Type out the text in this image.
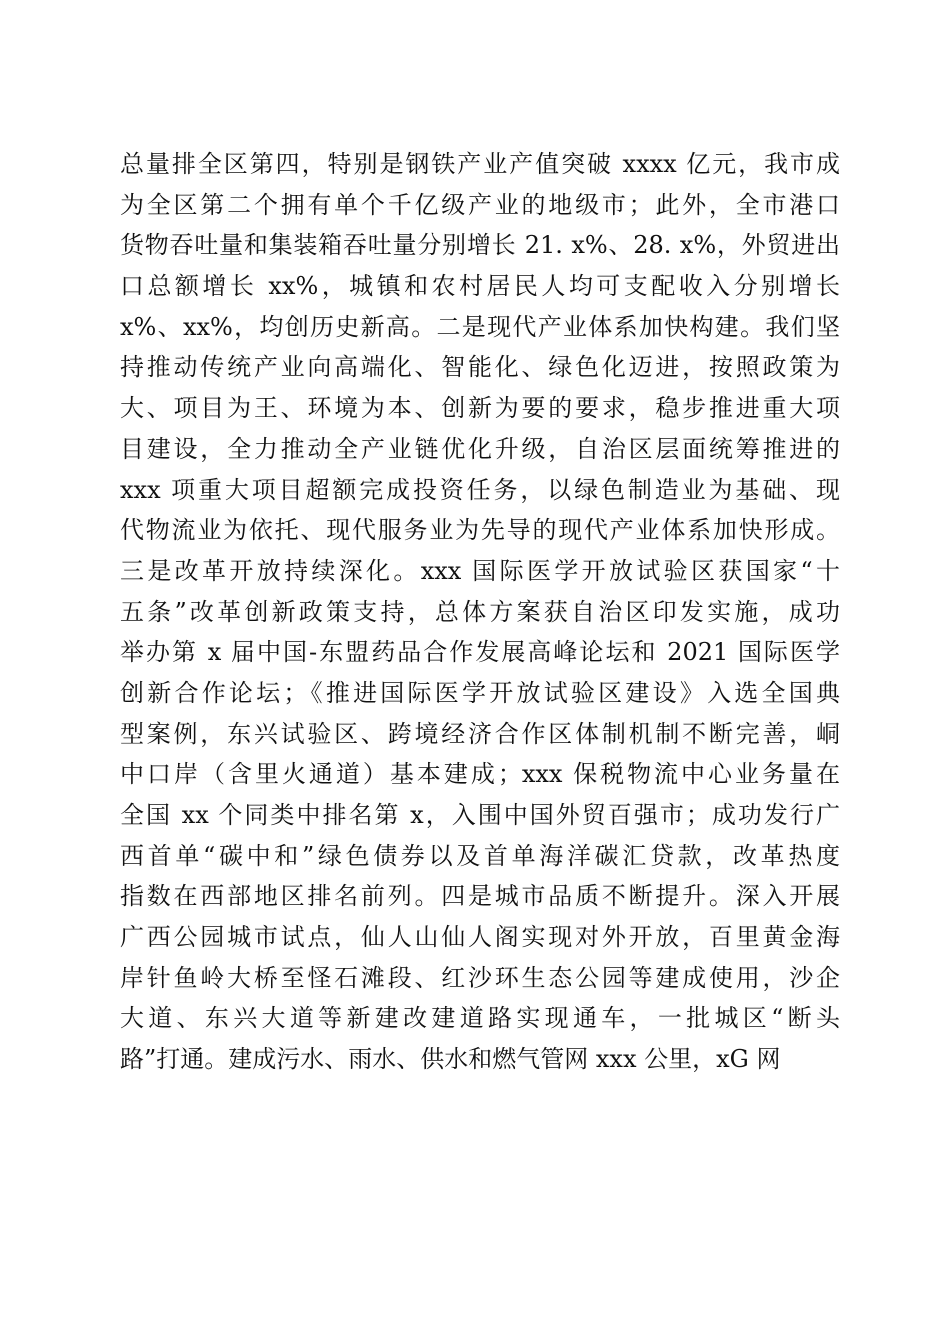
总量排全区第四，特别是钢铁产业产值突破 xxxx 亿元，我市成
为全区第二个拥有单个千亿级产业的地级市；此外，全市港口
货物吞吐量和集装箱吞吐量分别增长 21. x%、28. x%，外贸进出
口总额增长 xx%，城镇和农村居民人均可支配收入分别增长
x%、xx%，均创历史新高。二是现代产业体系加快构建。我们坚
持推动传统产业向高端化、智能化、绿色化迈进，按照政策为
大、项目为王、环境为本、创新为要的要求，稳步推进重大项
目建设，全力推动全产业链优化升级，自治区层面统筹推进的
xxx 项重大项目超额完成投资任务，以绿色制造业为基础、现
代物流业为依托、现代服务业为先导的现代产业体系加快形成。
三是改革开放持续深化。xxx 国际医学开放试验区获国家“十
五条”改革创新政策支持，总体方案获自治区印发实施，成功
举办第 x 届中国-东盟药品合作发展高峰论坛和 2021 国际医学
创新合作论坛；《推进国际医学开放试验区建设》入选全国典
型案例，东兴试验区、跨境经济合作区体制机制不断完善，峒
中口岸（含里火通道）基本建成；xxx 保税物流中心业务量在
全国 xx 个同类中排名第 x，入围中国外贸百强市；成功发行广
西首单“碳中和”绿色债券以及首单海洋碳汇贷款，改革热度
指数在西部地区排名前列。四是城市品质不断提升。深入开展
广西公园城市试点，仙人山仙人阁实现对外开放，百里黄金海
岸针鱼岭大桥至怪石滩段、红沙环生态公园等建成使用，沙企
大道、东兴大道等新建改建道路实现通车，一批城区“断头
路”打通。建成污水、雨水、供水和燃气管网 xxx 公里，xG 网
